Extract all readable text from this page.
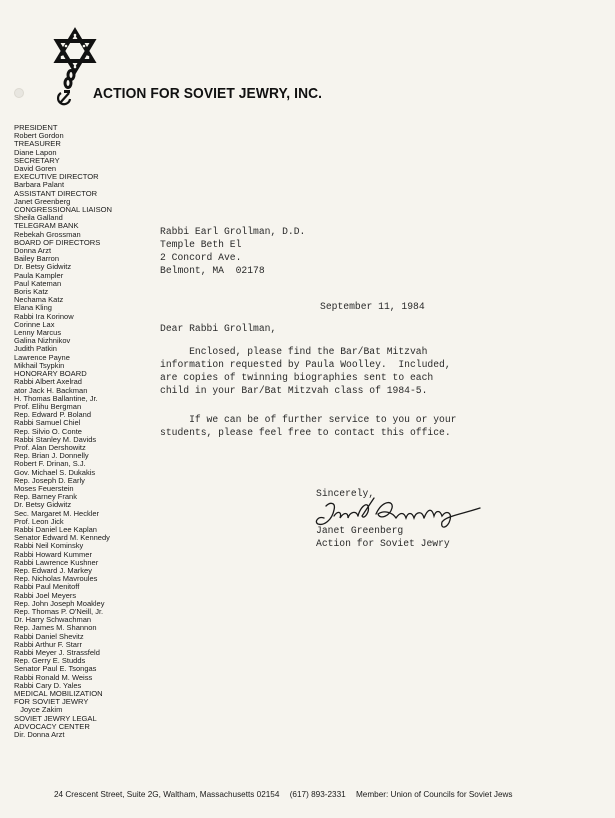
ACTION FOR SOVIET JEWRY, INC.
PRESIDENT
Robert Gordon
TREASURER
Diane Lapon
SECRETARY
David Goren
EXECUTIVE DIRECTOR
Barbara Palant
ASSISTANT DIRECTOR
Janet Greenberg
CONGRESSIONAL LIAISON
Sheila Galland
TELEGRAM BANK
Rebekah Grossman
BOARD OF DIRECTORS
Donna Arzt
Bailey Barron
Dr. Betsy Gidwitz
Paula Kampler
Paul Kateman
Boris Katz
Nechama Katz
Elana Kling
Rabbi Ira Korinow
Corinne Lax
Lenny Marcus
Galina Nizhnikov
Judith Patkin
Lawrence Payne
Mikhail Tsypkin
HONORARY BOARD
Rabbi Albert Axelrad
ator Jack H. Backman
H. Thomas Ballantine, Jr.
Prof. Elihu Bergman
Rep. Edward P. Boland
Rabbi Samuel Chiel
Rep. Silvio O. Conte
Rabbi Stanley M. Davids
Prof. Alan Dershowitz
Rep. Brian J. Donnelly
Robert F. Drinan, S.J.
Gov. Michael S. Dukakis
Rep. Joseph D. Early
Moses Feuerstein
Rep. Barney Frank
Dr. Betsy Gidwitz
Sec. Margaret M. Heckler
Prof. Leon Jick
Rabbi Daniel Lee Kaplan
Senator Edward M. Kennedy
Rabbi Neil Kominsky
Rabbi Howard Kummer
Rabbi Lawrence Kushner
Rep. Edward J. Markey
Rep. Nicholas Mavroules
Rabbi Paul Menitoff
Rabbi Joel Meyers
Rep. John Joseph Moakley
Rep. Thomas P. O'Neill, Jr.
Dr. Harry Schwachman
Rep. James M. Shannon
Rabbi Daniel Shevitz
Rabbi Arthur F. Starr
Rabbi Meyer J. Strassfeld
Rep. Gerry E. Studds
Senator Paul E. Tsongas
Rabbi Ronald M. Weiss
Rabbi Cary D. Yales
MEDICAL MOBILIZATION
FOR SOVIET JEWRY
Joyce Zakim
SOVIET JEWRY LEGAL
ADVOCACY CENTER
Dir. Donna Arzt
Rabbi Earl Grollman, D.D.
Temple Beth El
2 Concord Ave.
Belmont, MA  02178
September 11, 1984
Dear Rabbi Grollman,
Enclosed, please find the Bar/Bat Mitzvah
information requested by Paula Woolley.  Included,
are copies of twinning biographies sent to each
child in your Bar/Bat Mitzvah class of 1984-5.
If we can be of further service to you or your
students, please feel free to contact this office.
Sincerely,
Janet Greenberg
Action for Soviet Jewry
24 Crescent Street, Suite 2G, Waltham, Massachusetts 02154 (617) 893-2331 Member: Union of Councils for Soviet Jews
